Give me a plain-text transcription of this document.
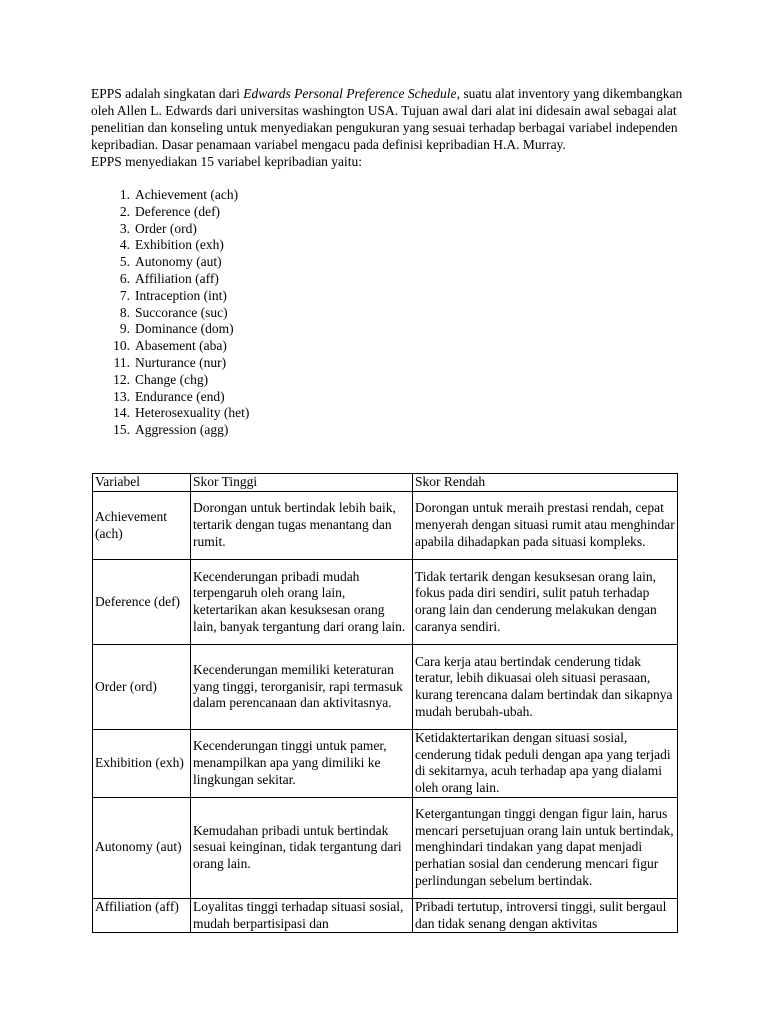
EPPS adalah singkatan dari Edwards Personal Preference Schedule, suatu alat inventory yang dikembangkan oleh Allen L. Edwards dari universitas washington USA. Tujuan awal dari alat ini didesain awal sebagai alat penelitian dan konseling untuk menyediakan pengukuran yang sesuai terhadap berbagai variabel independen kepribadian. Dasar penamaan variabel mengacu pada definisi kepribadian H.A. Murray.

EPPS menyediakan 15 variabel kepribadian yaitu:

1. Achievement (ach)
2. Deference (def)
3. Order (ord)
4. Exhibition (exh)
5. Autonomy (aut)
6. Affiliation (aff)
7. Intraception (int)
8. Succorance (suc)
9. Dominance (dom)
10. Abasement (aba)
11. Nurturance (nur)
12. Change (chg)
13. Endurance (end)
14. Heterosexuality (het)
15. Aggression (agg)
Variabel	Skor Tinggi	Skor Rendah
Achievement (ach)	Dorongan untuk bertindak lebih baik, tertarik dengan tugas menantang dan rumit.	Dorongan untuk meraih prestasi rendah, cepat menyerah dengan situasi rumit atau menghindar apabila dihadapkan pada situasi kompleks.
Deference (def)	Kecenderungan pribadi mudah terpengaruh oleh orang lain, ketertarikan akan kesuksesan orang lain, banyak tergantung dari orang lain.	Tidak tertarik dengan kesuksesan orang lain, fokus pada diri sendiri, sulit patuh terhadap orang lain dan cenderung melakukan dengan caranya sendiri.
Order (ord)	Kecenderungan memiliki keteraturan yang tinggi, terorganisir, rapi termasuk dalam perencanaan dan aktivitasnya.	Cara kerja atau bertindak cenderung tidak teratur, lebih dikuasai oleh situasi perasaan, kurang terencana dalam bertindak dan sikapnya mudah berubah-ubah.
Exhibition (exh)	Kecenderungan tinggi untuk pamer, menampilkan apa yang dimiliki ke lingkungan sekitar.	Ketidaktertarikan dengan situasi sosial, cenderung tidak peduli dengan apa yang terjadi di sekitarnya, acuh terhadap apa yang dialami oleh orang lain.
Autonomy (aut)	Kemudahan pribadi untuk bertindak sesuai keinginan, tidak tergantung dari orang lain.	Ketergantungan tinggi dengan figur lain, harus mencari persetujuan orang lain untuk bertindak, menghindari tindakan yang dapat menjadi perhatian sosial dan cenderung mencari figur perlindungan sebelum bertindak.

Affiliation (aff)	Loyalitas tinggi terhadap situasi sosial, mudah berpartisipasi dan	Pribadi tertutup, introversi tinggi, sulit bergaul dan tidak senang dengan aktivitas
